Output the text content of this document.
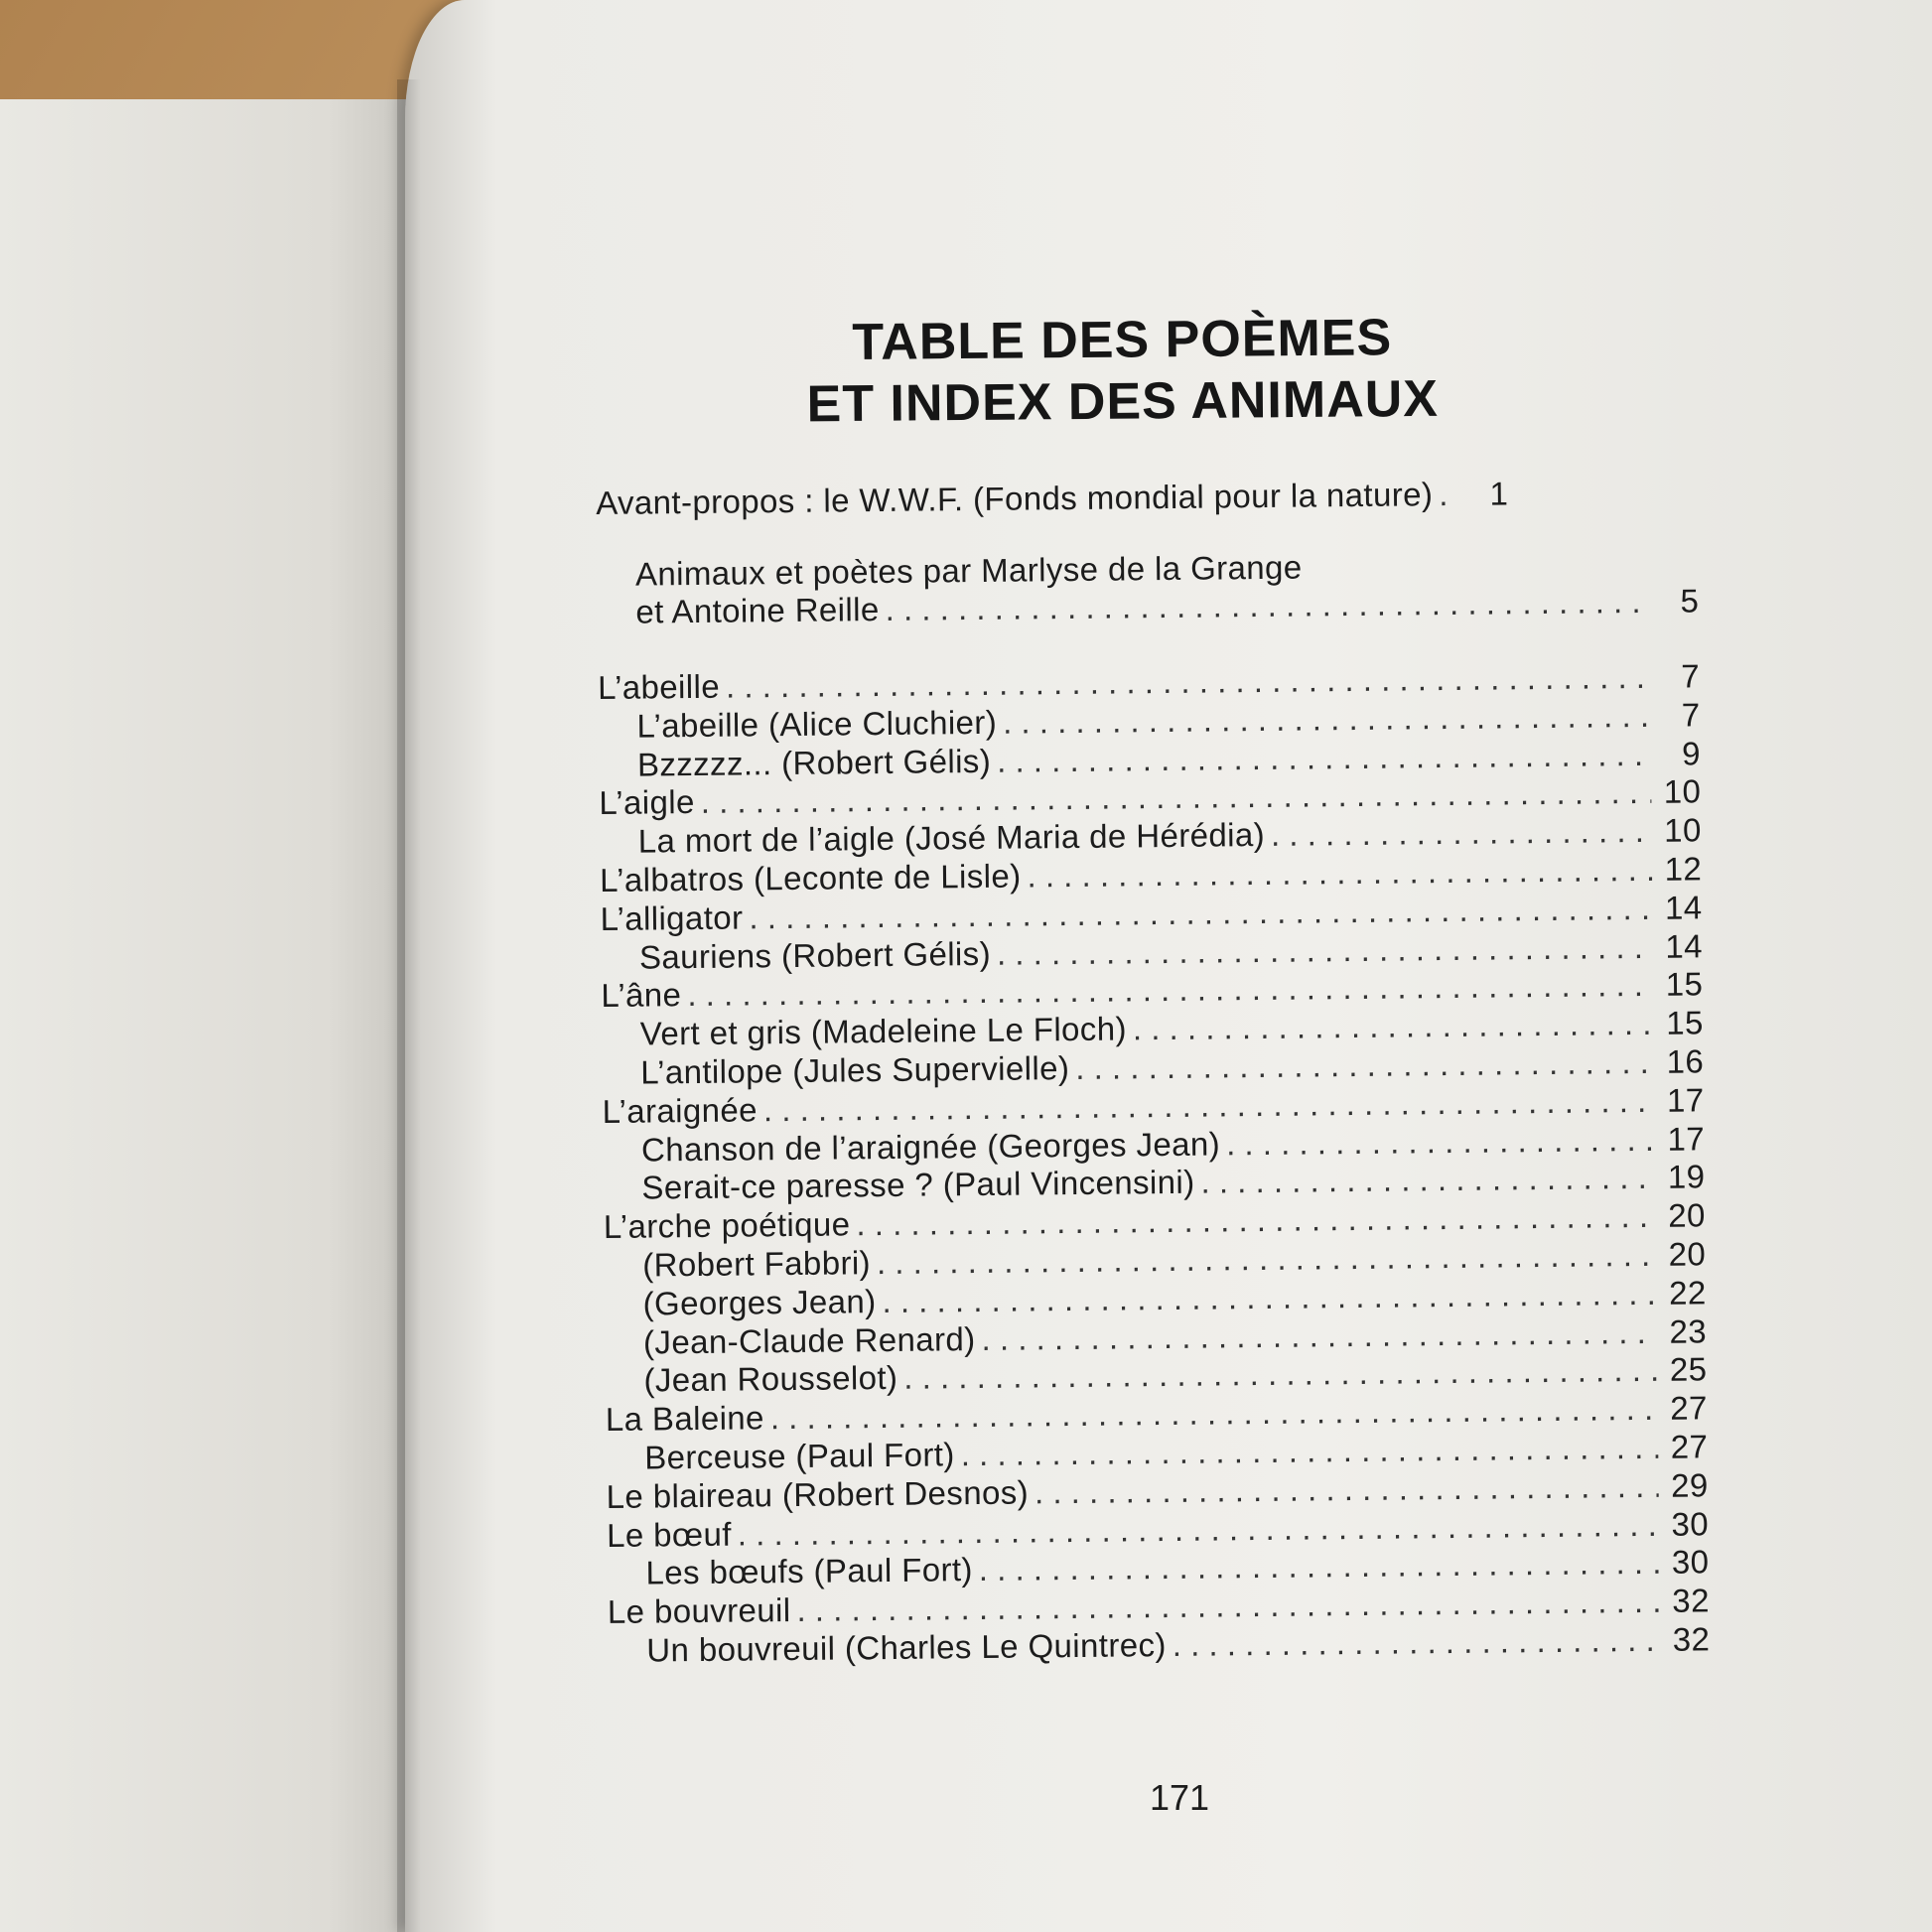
TABLE DES POÈMES
ET INDEX DES ANIMAUX
Avant-propos : le W.W.F. (Fonds mondial pour la nature) . . .	1
Animaux et poètes par Marlyse de la Grange
et Antoine Reille . . .	5
L’abeille . . .	7
L’abeille (Alice Cluchier) . . .	7
Bzzzzz... (Robert Gélis) . . .	9
L’aigle . . .	10
La mort de l’aigle (José Maria de Hérédia) . . .	10
L’albatros (Leconte de Lisle) . . .	12
L’alligator . . .	14
Sauriens (Robert Gélis) . . .	14
L’âne . . .	15
Vert et gris (Madeleine Le Floch) . . .	15
L’antilope (Jules Supervielle) . . .	16
L’araignée . . .	17
Chanson de l’araignée (Georges Jean) . . .	17
Serait-ce paresse ? (Paul Vincensini) . . .	19
L’arche poétique . . .	20
(Robert Fabbri) . . .	20
(Georges Jean) . . .	22
(Jean-Claude Renard) . . .	23
(Jean Rousselot) . . .	25
La Baleine . . .	27
Berceuse (Paul Fort) . . .	27
Le blaireau (Robert Desnos) . . .	29
Le bœuf . . .	30
Les bœufs (Paul Fort) . . .	30
Le bouvreuil . . .	32
Un bouvreuil (Charles Le Quintrec) . . .	32
171
